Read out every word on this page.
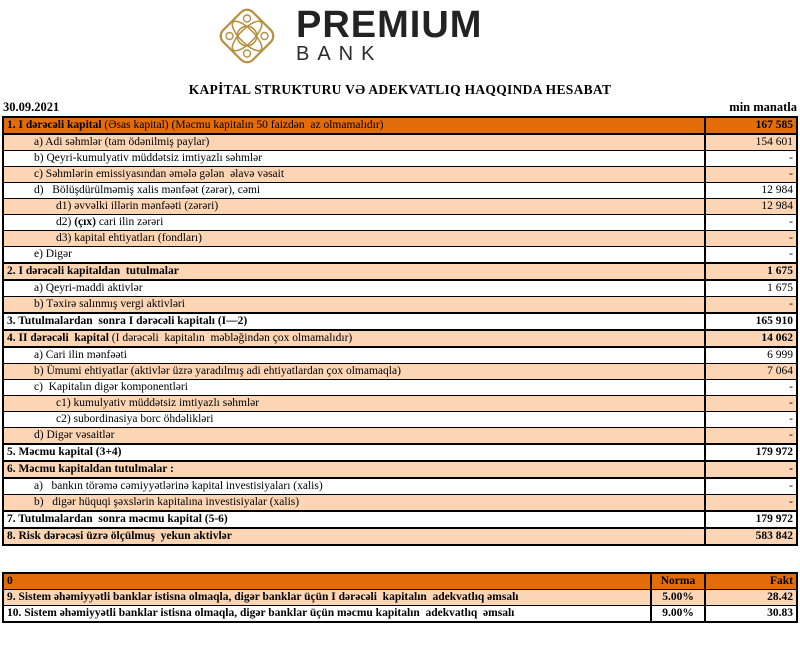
PREMIUM
BANK
KAPİTAL STRUKTURU VƏ ADEKVATLIQ HAQQINDA HESABAT
30.09.2021	min manatla
1. I dərəcəli kapital (Əsas kapital) (Məcmu kapitalın 50 faizdən  az olmamalıdır)	167 585
a) Adi səhmlər (tam ödənilmiş paylar)	154 601
b) Qeyri-kumulyativ müddətsiz imtiyazlı səhmlər	-
c) Səhmlərin emissiyasından əmələ gələn  əlavə vəsait	-
d)   Bölüşdürülməmiş xalis mənfəət (zərər), cəmi	12 984
d1) əvvəlki illərin mənfəəti (zərəri)	12 984
d2) (çıx) cari ilin zərəri	-
d3) kapital ehtiyatları (fondları)	-
e) Digər	-
2. I dərəcəli kapitaldan  tutulmalar	1 675
a) Qeyri-maddi aktivlər	1 675
b) Təxirə salınmış vergi aktivləri	-
3. Tutulmalardan  sonra I dərəcəli kapitalı (I—2)	165 910
4. II dərəcəli  kapital (I dərəcəli  kapitalın  məbləğindən çox olmamalıdır)	14 062
a) Cari ilin mənfəəti	6 999
b) Ümumi ehtiyatlar (aktivlər üzrə yaradılmış adi ehtiyatlardan çox olmamaqla)	7 064
c)  Kapitalın digər komponentləri	-
c1) kumulyativ müddətsiz imtiyazlı səhmlər	-
c2) subordinasiya borc öhdəlikləri	-
d) Digər vəsaitlər	-
5. Məcmu kapital (3+4)	179 972
6. Məcmu kapitaldan tutulmalar :	-
a)   bankın törəmə cəmiyyətlərinə kapital investisiyaları (xalis)	-
b)   digər hüquqi şəxslərin kapitalına investisiyalar (xalis)	-
7. Tutulmalardan  sonra məcmu kapital (5-6)	179 972
8. Risk dərəcəsi üzrə ölçülmuş  yekun aktivlər	583 842
0	Norma	Fakt
9. Sistem əhəmiyyətli banklar istisna olmaqla, digər banklar üçün I dərəcəli  kapitalın  adekvatlıq əmsalı	5.00%	28.42
10. Sistem əhəmiyyətli banklar istisna olmaqla, digər banklar üçün məcmu kapitalın  adekvatlıq  əmsalı	9.00%	30.83
